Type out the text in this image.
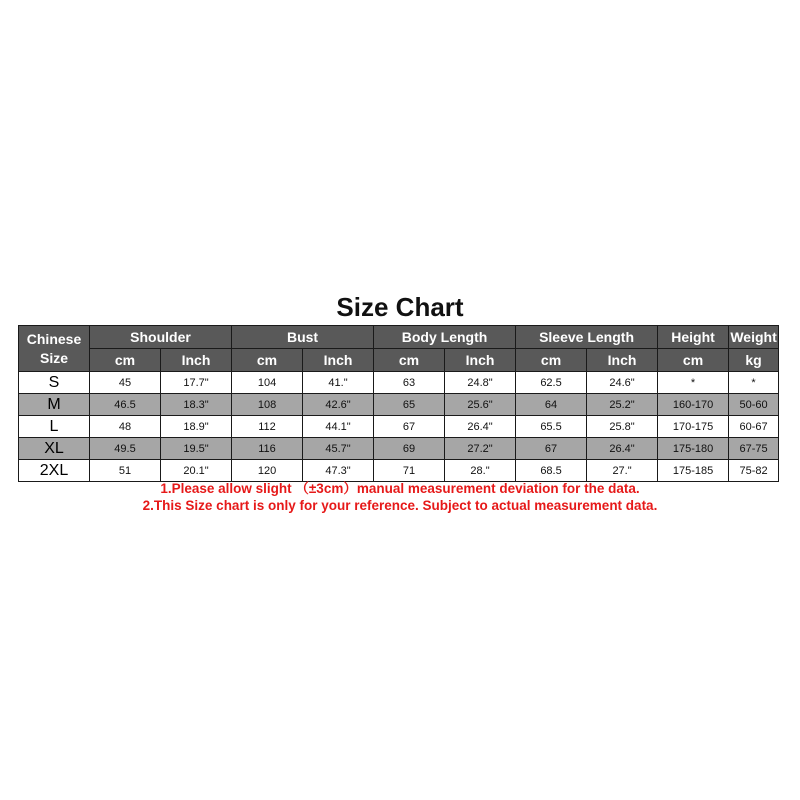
Size Chart
Chinese
Size	Shoulder		Bust		Body Length		Sleeve Length		Height	Weight
	cm	Inch	cm	Inch	cm	Inch	cm	Inch	cm	kg
S	45	17.7"	104	41."	63	24.8"	62.5	24.6"	*	*
M	46.5	18.3"	108	42.6"	65	25.6"	64	25.2"	160-170	50-60
L	48	18.9"	112	44.1"	67	26.4"	65.5	25.8"	170-175	60-67
XL	49.5	19.5"	116	45.7"	69	27.2"	67	26.4"	175-180	67-75
2XL	51	20.1"	120	47.3"	71	28."	68.5	27."	175-185	75-82
1.Please allow slight （±3cm）manual measurement deviation for the data.
2.This Size chart is only for your reference. Subject to actual measurement data.
